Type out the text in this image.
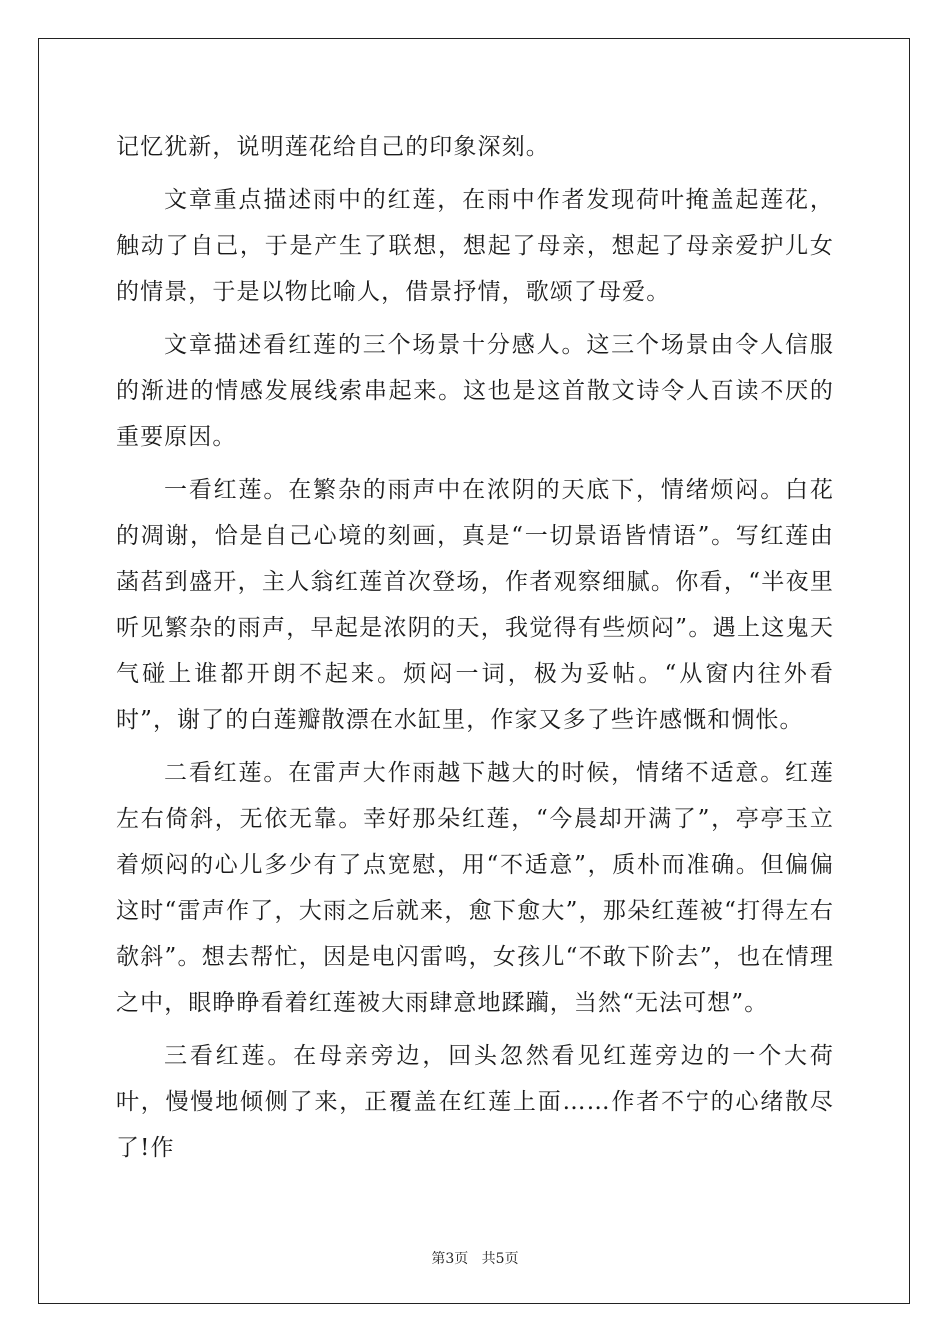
记忆犹新，说明莲花给自己的印象深刻。

文章重点描述雨中的红莲，在雨中作者发现荷叶掩盖起莲花，触动了自己，于是产生了联想，想起了母亲，想起了母亲爱护儿女的情景，于是以物比喻人，借景抒情，歌颂了母爱。

文章描述看红莲的三个场景十分感人。这三个场景由令人信服的渐进的情感发展线索串起来。这也是这首散文诗令人百读不厌的重要原因。

一看红莲。在繁杂的雨声中在浓阴的天底下，情绪烦闷。白花的凋谢，恰是自己心境的刻画，真是“一切景语皆情语”。写红莲由菡萏到盛开，主人翁红莲首次登场，作者观察细腻。你看，“半夜里听见繁杂的雨声，早起是浓阴的天，我觉得有些烦闷”。遇上这鬼天气碰上谁都开朗不起来。烦闷一词，极为妥帖。“从窗内往外看时”，谢了的白莲瓣散漂在水缸里，作家又多了些许感慨和惆怅。

二看红莲。在雷声大作雨越下越大的时候，情绪不适意。红莲左右倚斜，无依无靠。幸好那朵红莲，“今晨却开满了”，亭亭玉立着烦闷的心儿多少有了点宽慰，用“不适意”，质朴而准确。但偏偏这时“雷声作了，大雨之后就来，愈下愈大”，那朵红莲被“打得左右欹斜”。想去帮忙，因是电闪雷鸣，女孩儿“不敢下阶去”，也在情理之中，眼睁睁看着红莲被大雨肆意地蹂躏，当然“无法可想”。

三看红莲。在母亲旁边，回头忽然看见红莲旁边的一个大荷叶，慢慢地倾侧了来，正覆盖在红莲上面……作者不宁的心绪散尽了!作

第3页 共5页
